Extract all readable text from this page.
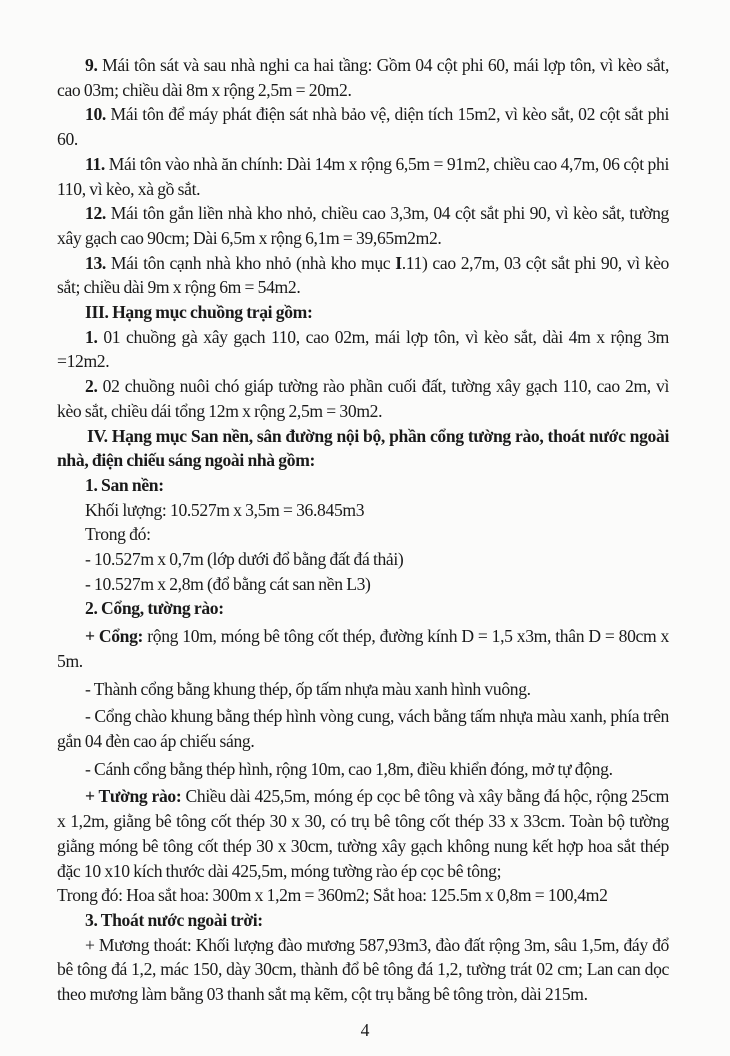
9. Mái tôn sát và sau nhà nghi ca hai tầng: Gồm 04 cột phi 60, mái lợp tôn, vì kèo sắt, cao 03m; chiều dài 8m x rộng 2,5m = 20m2.

10. Mái tôn để máy phát điện sát nhà bảo vệ, diện tích 15m2, vì kèo sắt, 02 cột sắt phi 60.

11. Mái tôn vào nhà ăn chính: Dài 14m x rộng 6,5m = 91m2, chiều cao 4,7m, 06 cột phi 110, vì kèo, xà gồ sắt.

12. Mái tôn gắn liền nhà kho nhỏ, chiều cao 3,3m, 04 cột sắt phi 90, vì kèo sắt, tường xây gạch cao 90cm; Dài 6,5m x rộng 6,1m = 39,65m2m2.

13. Mái tôn cạnh nhà kho nhỏ (nhà kho mục I.11) cao 2,7m, 03 cột sắt phi 90, vì kèo sắt; chiều dài 9m x rộng 6m = 54m2.

III. Hạng mục chuồng trại gồm:

1. 01 chuồng gà xây gạch 110, cao 02m, mái lợp tôn, vì kèo sắt, dài 4m x rộng 3m =12m2.

2. 02 chuồng nuôi chó giáp tường rào phần cuối đất, tường xây gạch 110, cao 2m, vì kèo sắt, chiều dái tổng 12m x rộng 2,5m = 30m2.

IV. Hạng mục San nền, sân đường nội bộ, phần cổng tường rào, thoát nước ngoài nhà, điện chiếu sáng ngoài nhà gồm:

1. San nền:

Khối lượng: 10.527m x 3,5m = 36.845m3

Trong đó:

- 10.527m x 0,7m (lớp dưới đổ bằng đất đá thải)

- 10.527m x 2,8m (đổ bằng cát san nền L3)

2. Cổng, tường rào:

+ Cổng: rộng 10m, móng bê tông cốt thép, đường kính D = 1,5 x3m, thân D = 80cm x 5m.

- Thành cổng bằng khung thép, ốp tấm nhựa màu xanh hình vuông.

- Cổng chào khung bằng thép hình vòng cung, vách bằng tấm nhựa màu xanh, phía trên gắn 04 đèn cao áp chiếu sáng.

- Cánh cổng bằng thép hình, rộng 10m, cao 1,8m, điều khiển đóng, mở tự động.

+ Tường rào: Chiều dài 425,5m, móng ép cọc bê tông và xây bằng đá hộc, rộng 25cm x 1,2m, giằng bê tông cốt thép 30 x 30, có trụ bê tông cốt thép 33 x 33cm. Toàn bộ tường giằng móng bê tông cốt thép 30 x 30cm, tường xây gạch không nung kết hợp hoa sắt thép đặc 10 x10 kích thước dài 425,5m, móng tường rào ép cọc bê tông;

Trong đó: Hoa sắt hoa: 300m x 1,2m = 360m2; Sắt hoa: 125.5m x 0,8m = 100,4m2

3. Thoát nước ngoài trời:

+ Mương thoát: Khối lượng đào mương 587,93m3, đào đất rộng 3m, sâu 1,5m, đáy đổ bê tông đá 1,2, mác 150, dày 30cm, thành đổ bê tông đá 1,2, tường trát 02 cm; Lan can dọc theo mương làm bằng 03 thanh sắt mạ kẽm, cột trụ bằng bê tông tròn, dài 215m.

4
